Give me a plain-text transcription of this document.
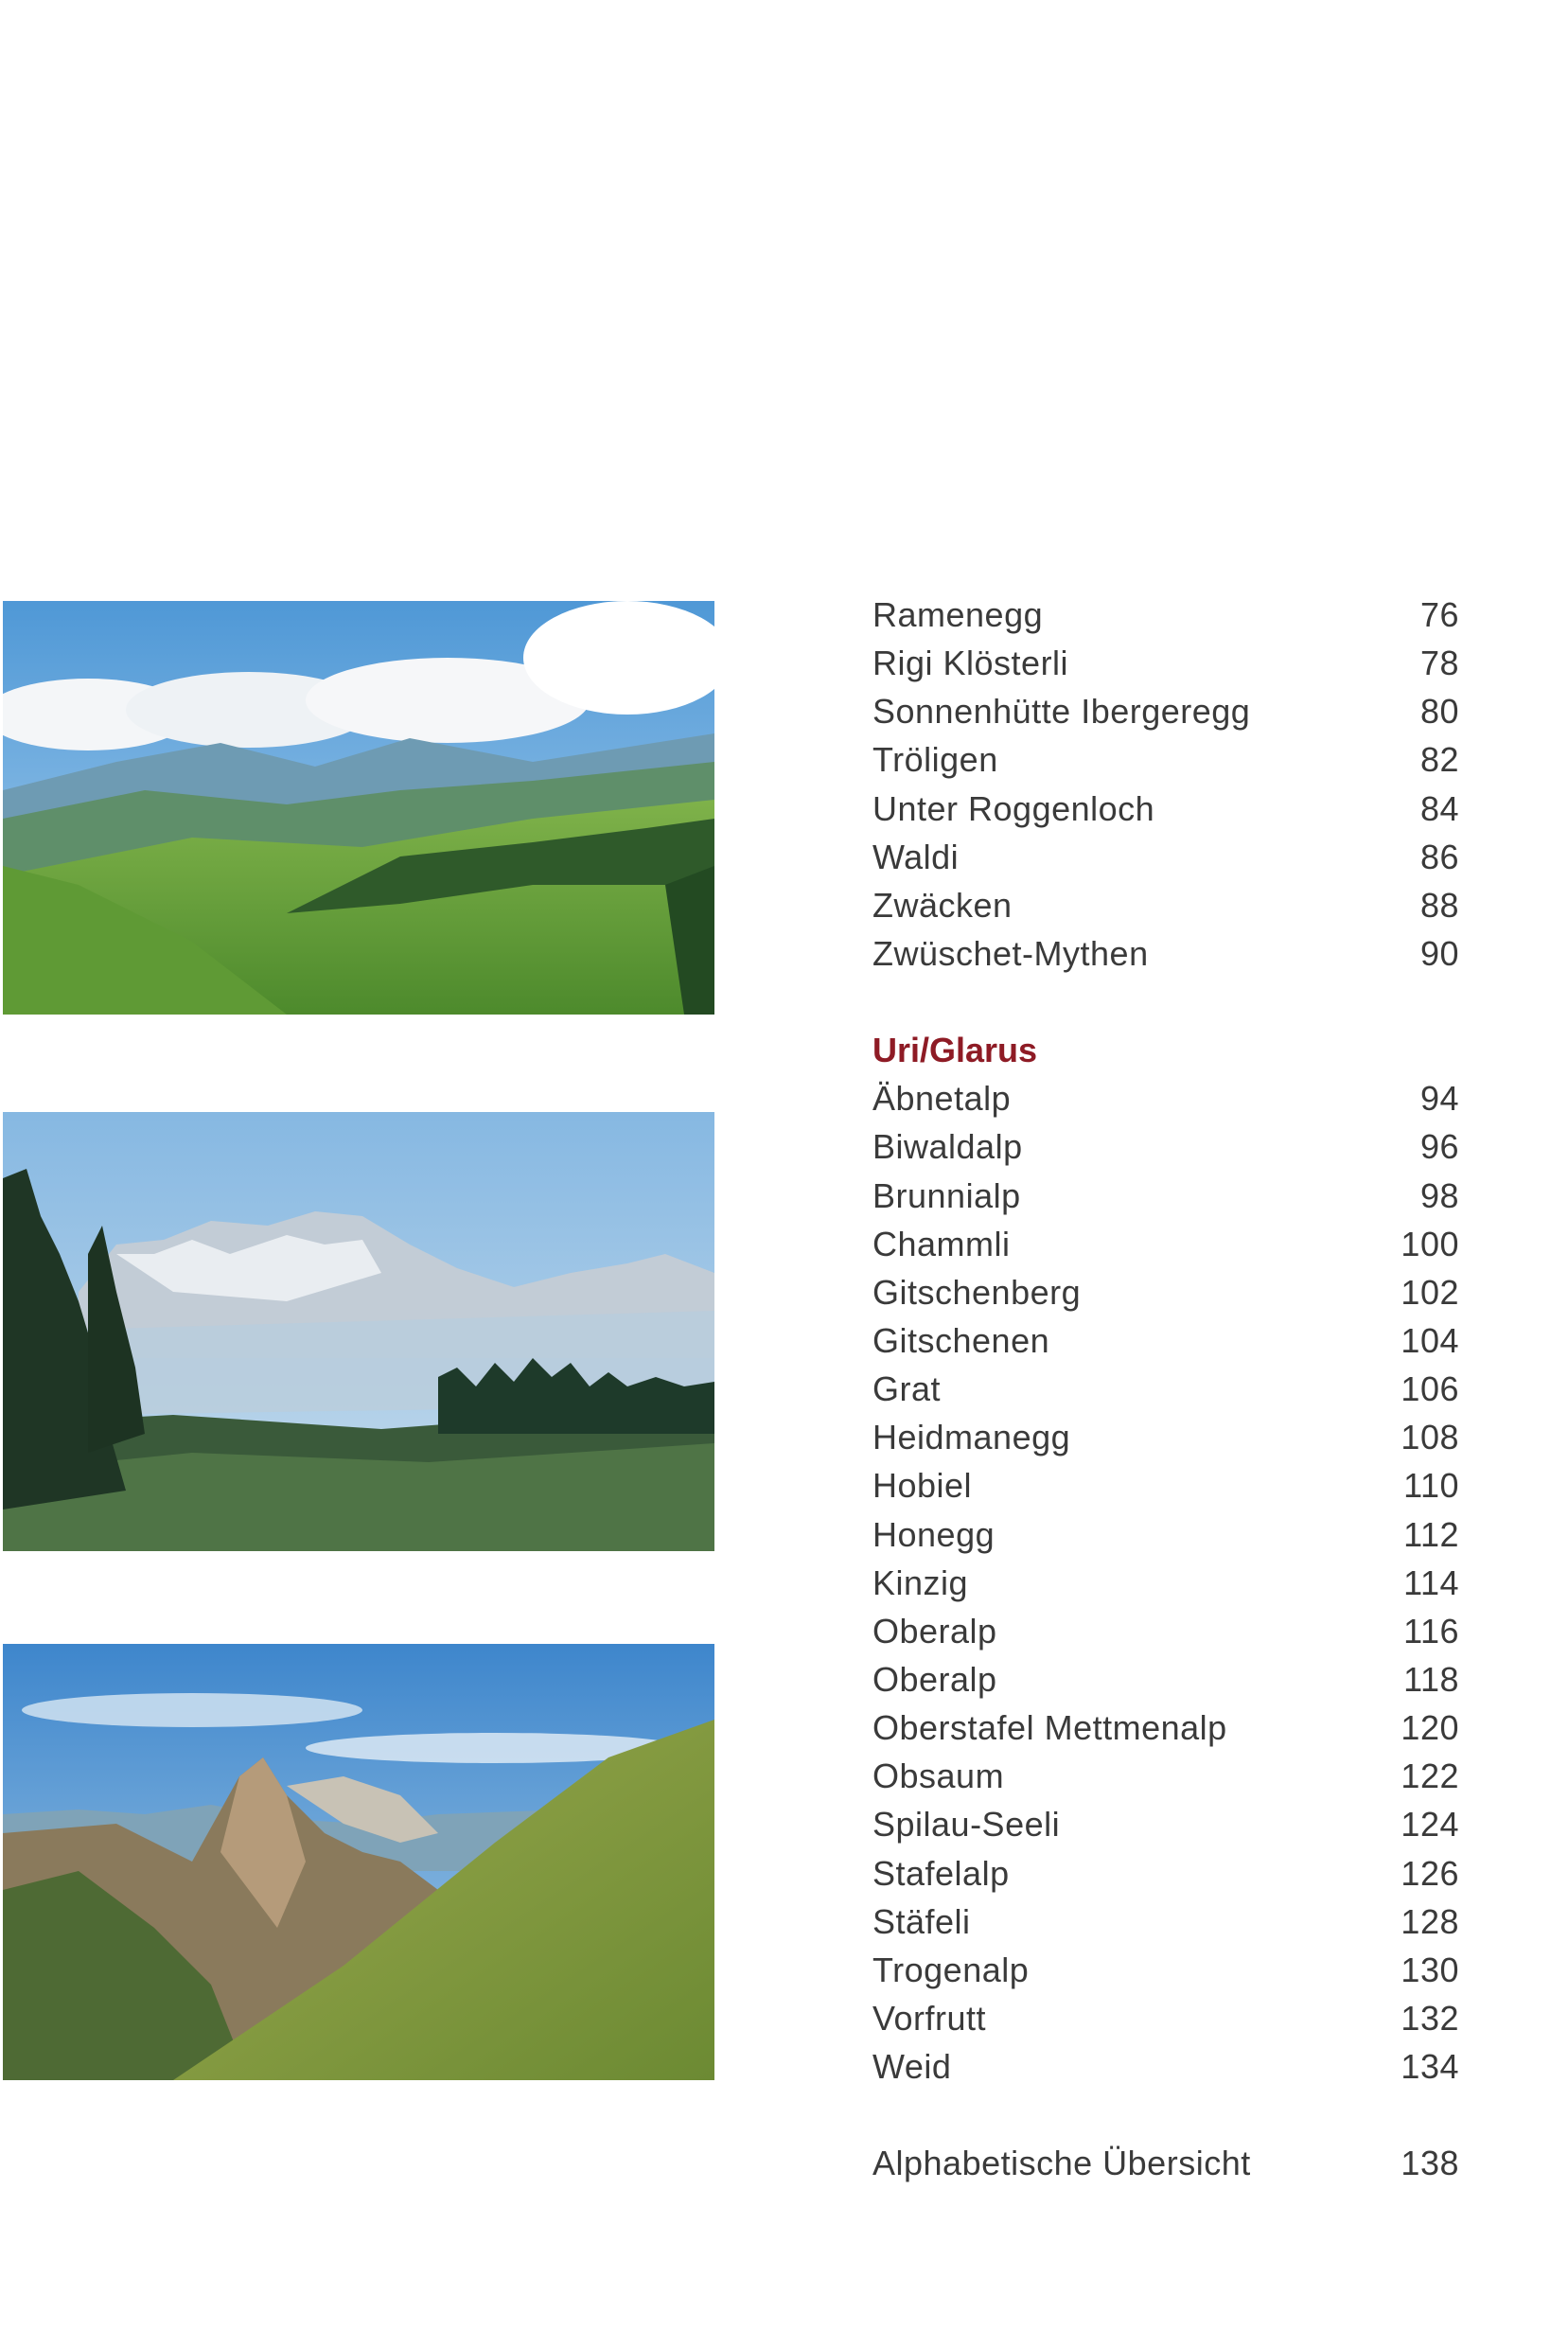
Ramenegg	76
Rigi Klösterli	78
Sonnenhütte Ibergeregg	80
Tröligen	82
Unter Roggenloch	84
Waldi	86
Zwäcken	88
Zwüschet-Mythen	90
Uri/Glarus
Äbnetalp	94
Biwaldalp	96
Brunnialp	98
Chammli	100
Gitschenberg	102
Gitschenen	104
Grat	106
Heidmanegg	108
Hobiel	110
Honegg	112
Kinzig	114
Oberalp	116
Oberalp	118
Oberstafel Mettmenalp	120
Obsaum	122
Spilau-Seeli	124
Stafelalp	126
Stäfeli	128
Trogenalp	130
Vorfrutt	132
Weid	134
Alphabetische Übersicht	138
